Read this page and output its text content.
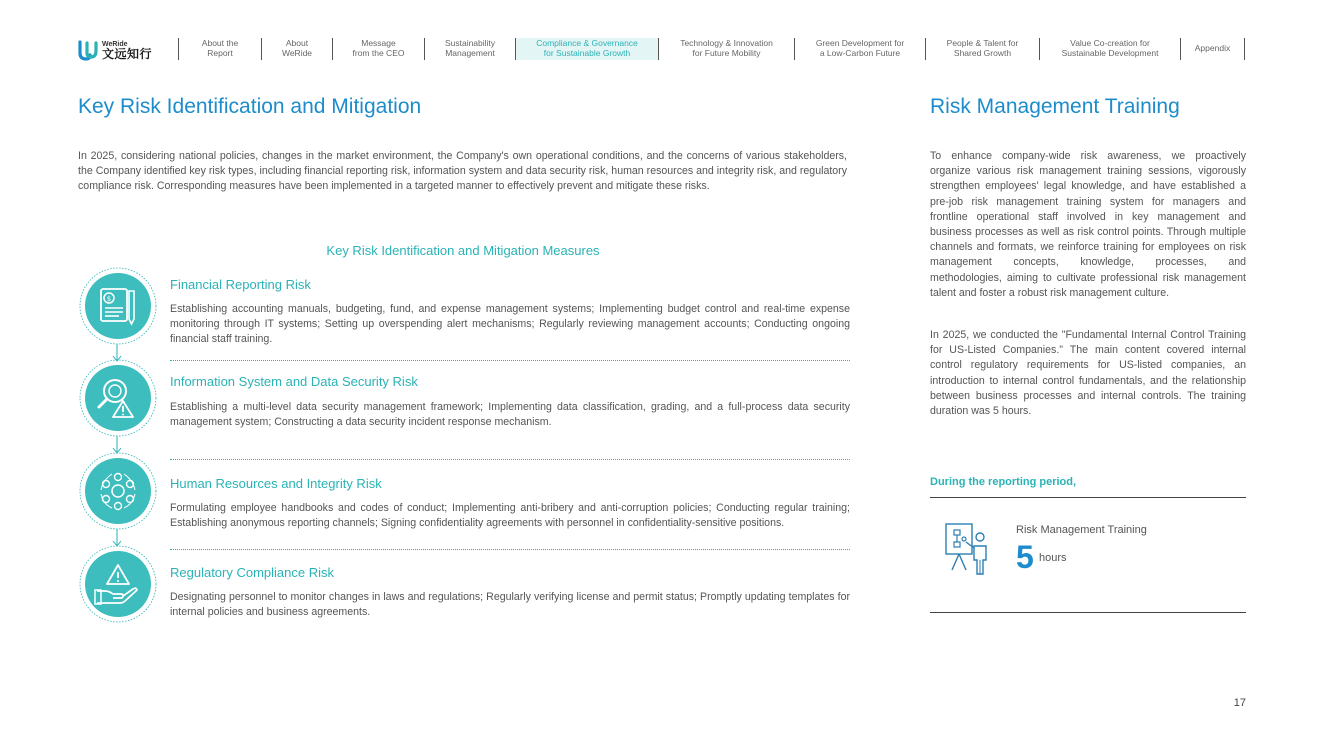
WeRide
文远知行
About the
Report
About
WeRide
Message
from the CEO
Sustainability
Management
Compliance & Governance
for Sustainable Growth
Technology & Innovation
for Future Mobility
Green Development for
a Low-Carbon Future
People & Talent for
Shared Growth
Value Co-creation for
Sustainable Development	Appendix
Key Risk Identification and Mitigation

In 2025, considering national policies, changes in the market environment, the Company's own operational conditions, and the concerns of various stakeholders, the Company identified key risk types, including financial reporting risk, information system and data security risk, human resources and integrity risk, and regulatory compliance risk. Corresponding measures have been implemented in a targeted manner to effectively prevent and mitigate these risks.

Key Risk Identification and Mitigation Measures
$
Financial Reporting Risk

Establishing accounting manuals, budgeting, fund, and expense management systems; Implementing budget control and real-time expense monitoring through IT systems; Setting up overspending alert mechanisms; Regularly reviewing management accounts; Conducting ongoing financial staff training.

Information System and Data Security Risk

Establishing a multi-level data security management framework; Implementing data classification, grading, and a full-process data security management system; Constructing a data security incident response mechanism.

Human Resources and Integrity Risk

Formulating employee handbooks and codes of conduct; Implementing anti-bribery and anti-corruption policies; Conducting regular training; Establishing anonymous reporting channels; Signing confidentiality agreements with personnel in confidentiality-sensitive positions.

Regulatory Compliance Risk

Designating personnel to monitor changes in laws and regulations; Regularly verifying license and permit status; Promptly updating templates for internal policies and business agreements.

Risk Management Training

To enhance company-wide risk awareness, we proactively organize various risk management training sessions, vigorously strengthen employees' legal knowledge, and have established a pre-job risk management training system for managers and frontline operational staff involved in key management and business processes as well as risk control points. Through multiple channels and formats, we reinforce training for employees on risk management concepts, knowledge, processes, and methodologies, aiming to cultivate professional risk management talent and foster a robust risk management culture.

In 2025, we conducted the "Fundamental Internal Control Training for US-Listed Companies." The main content covered internal control regulatory requirements for US-listed companies, an introduction to internal control fundamentals, and the relationship between business processes and internal controls. The training duration was 5 hours.

During the reporting period,
Risk Management Training
5 hours
17
